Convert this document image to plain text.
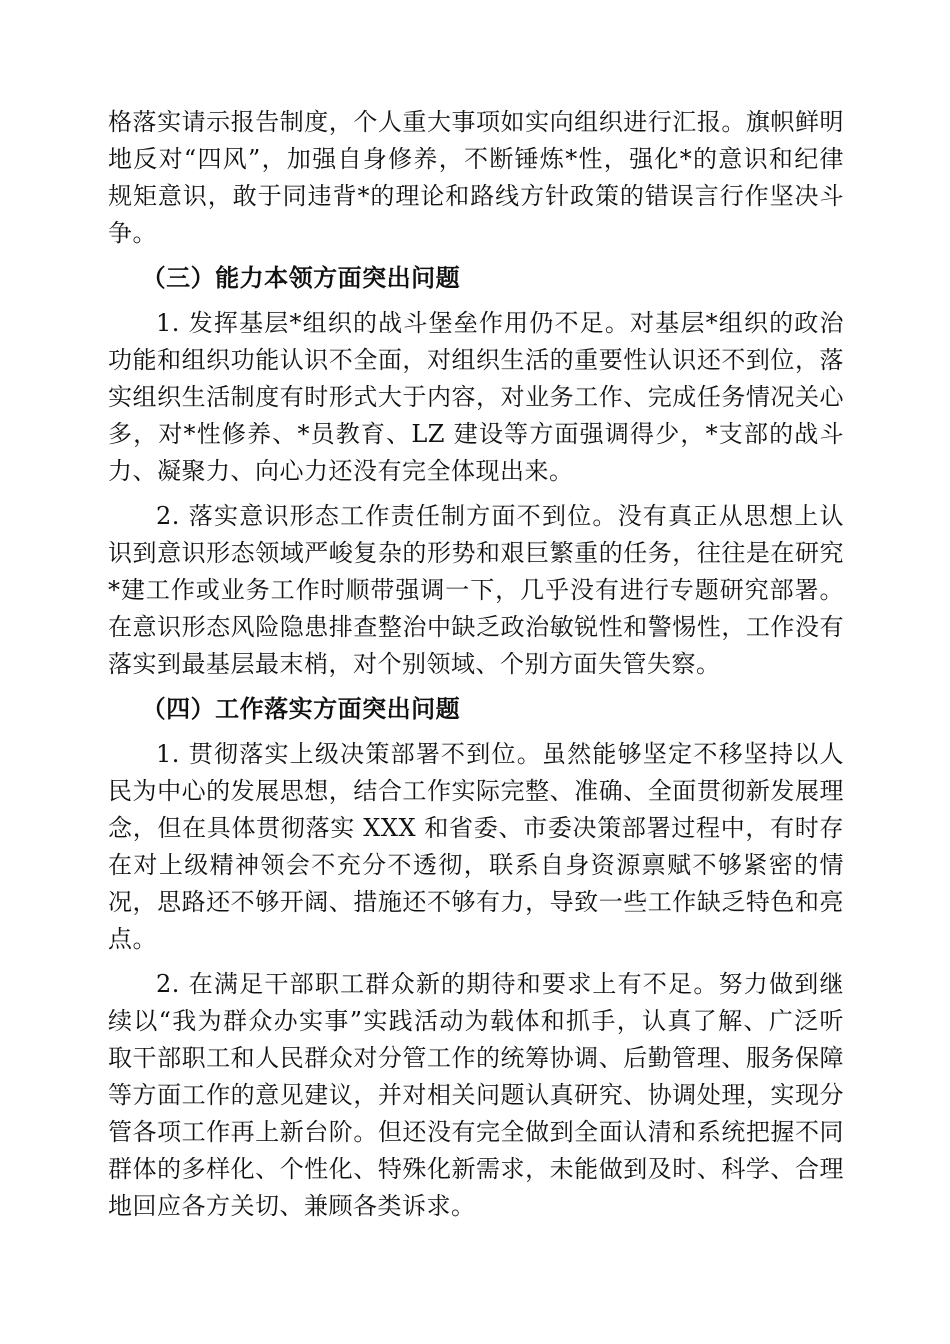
格落实请示报告制度，个人重大事项如实向组织进行汇报。旗帜鲜明地反对“四风”，加强自身修养，不断锤炼*性，强化*的意识和纪律规矩意识，敢于同违背*的理论和路线方针政策的错误言行作坚决斗争。

（三）能力本领方面突出问题

1. 发挥基层*组织的战斗堡垒作用仍不足。对基层*组织的政治功能和组织功能认识不全面，对组织生活的重要性认识还不到位，落实组织生活制度有时形式大于内容，对业务工作、完成任务情况关心多，对*性修养、*员教育、LZ 建设等方面强调得少，*支部的战斗力、凝聚力、向心力还没有完全体现出来。

2. 落实意识形态工作责任制方面不到位。没有真正从思想上认识到意识形态领域严峻复杂的形势和艰巨繁重的任务，往往是在研究*建工作或业务工作时顺带强调一下，几乎没有进行专题研究部署。在意识形态风险隐患排查整治中缺乏政治敏锐性和警惕性，工作没有落实到最基层最末梢，对个别领域、个别方面失管失察。

（四）工作落实方面突出问题

1. 贯彻落实上级决策部署不到位。虽然能够坚定不移坚持以人民为中心的发展思想，结合工作实际完整、准确、全面贯彻新发展理念，但在具体贯彻落实 XXX 和省委、市委决策部署过程中，有时存在对上级精神领会不充分不透彻，联系自身资源禀赋不够紧密的情况，思路还不够开阔、措施还不够有力，导致一些工作缺乏特色和亮点。

2. 在满足干部职工群众新的期待和要求上有不足。努力做到继续以“我为群众办实事”实践活动为载体和抓手，认真了解、广泛听取干部职工和人民群众对分管工作的统筹协调、后勤管理、服务保障等方面工作的意见建议，并对相关问题认真研究、协调处理，实现分管各项工作再上新台阶。但还没有完全做到全面认清和系统把握不同群体的多样化、个性化、特殊化新需求，未能做到及时、科学、合理地回应各方关切、兼顾各类诉求。
